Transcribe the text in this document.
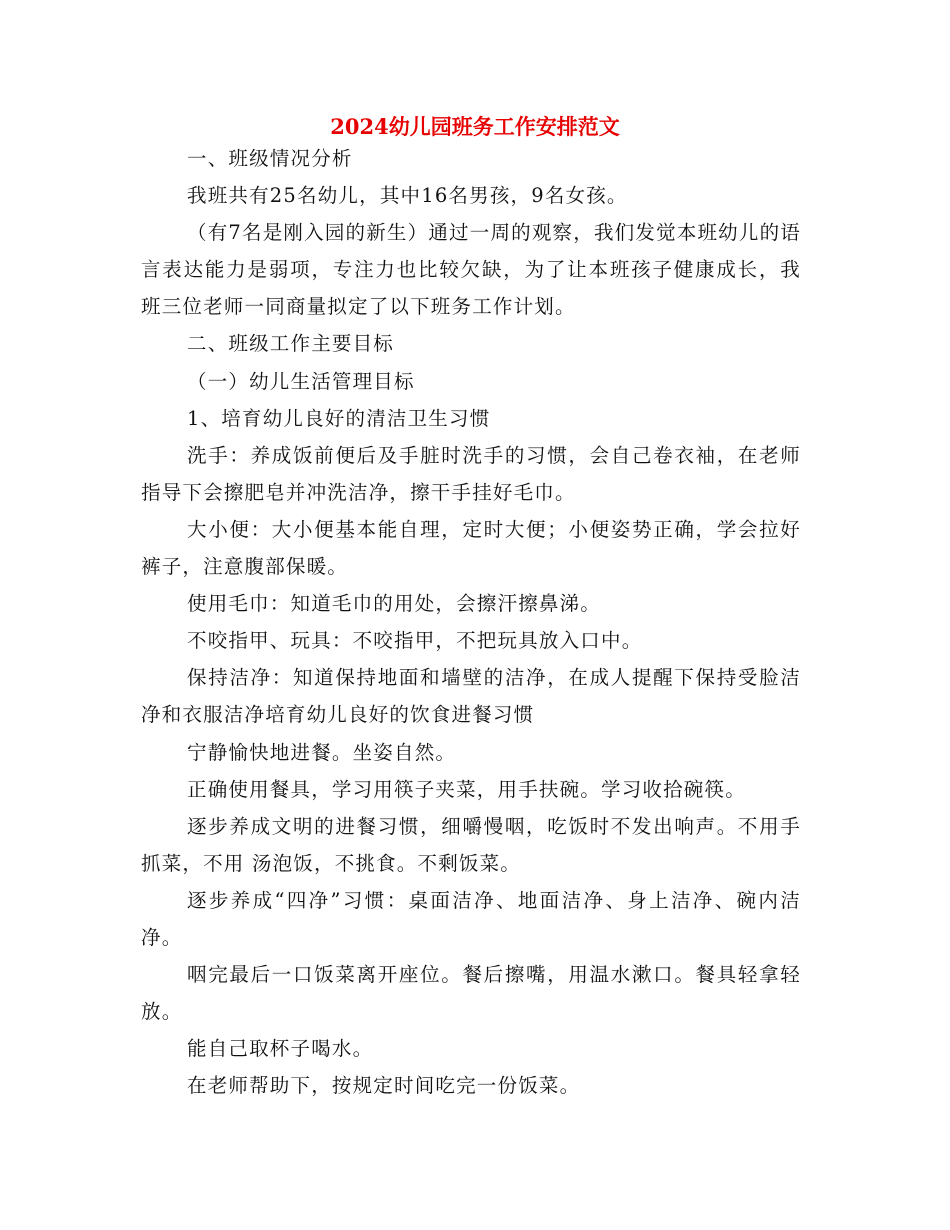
2024幼儿园班务工作安排范文

一、班级情况分析

我班共有25名幼儿，其中16名男孩，9名女孩。

（有7名是刚入园的新生）通过一周的观察，我们发觉本班幼儿的语言表达能力是弱项，专注力也比较欠缺，为了让本班孩子健康成长，我班三位老师一同商量拟定了以下班务工作计划。

二、班级工作主要目标

（一）幼儿生活管理目标

1、培育幼儿良好的清洁卫生习惯

洗手：养成饭前便后及手脏时洗手的习惯，会自己卷衣袖，在老师指导下会擦肥皂并冲洗洁净，擦干手挂好毛巾。

大小便：大小便基本能自理，定时大便；小便姿势正确，学会拉好裤子，注意腹部保暖。

使用毛巾：知道毛巾的用处，会擦汗擦鼻涕。

不咬指甲、玩具：不咬指甲，不把玩具放入口中。

保持洁净：知道保持地面和墙壁的洁净，在成人提醒下保持受脸洁净和衣服洁净培育幼儿良好的饮食进餐习惯

宁静愉快地进餐。坐姿自然。

正确使用餐具，学习用筷子夹菜，用手扶碗。学习收拾碗筷。

逐步养成文明的进餐习惯，细嚼慢咽，吃饭时不发出响声。不用手抓菜，不用 汤泡饭，不挑食。不剩饭菜。

逐步养成“四净”习惯：桌面洁净、地面洁净、身上洁净、碗内洁净。

咽完最后一口饭菜离开座位。餐后擦嘴，用温水漱口。餐具轻拿轻放。

能自己取杯子喝水。

在老师帮助下，按规定时间吃完一份饭菜。
